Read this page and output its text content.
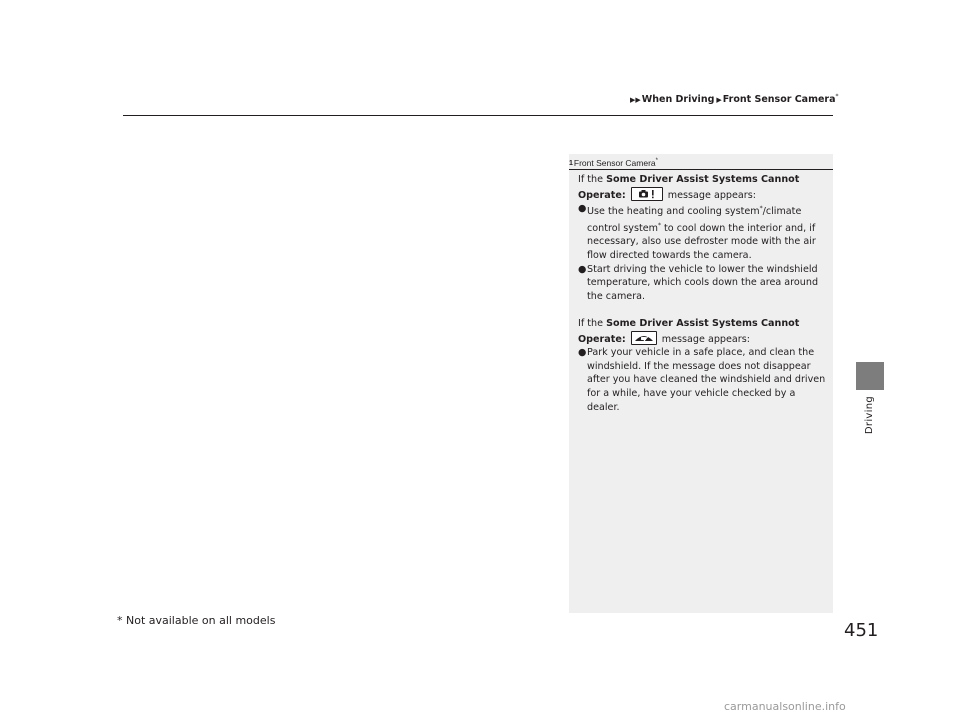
▶▶When Driving ▶Front Sensor Camera*
Driving
1Front Sensor Camera*

If the Some Driver Assist Systems Cannot

Operate:	message appears:

● Use the heating and cooling system*/climate control system* to cool down the interior and, if necessary, also use defroster mode with the air flow directed towards the camera.
● Start driving the vehicle to lower the windshield temperature, which cools down the area around the camera.

If the Some Driver Assist Systems Cannot

Operate:	message appears:

● Park your vehicle in a safe place, and clean the windshield. If the message does not disappear after you have cleaned the windshield and driven for a while, have your vehicle checked by a dealer.
* Not available on all models	451
carmanualsonline.info
